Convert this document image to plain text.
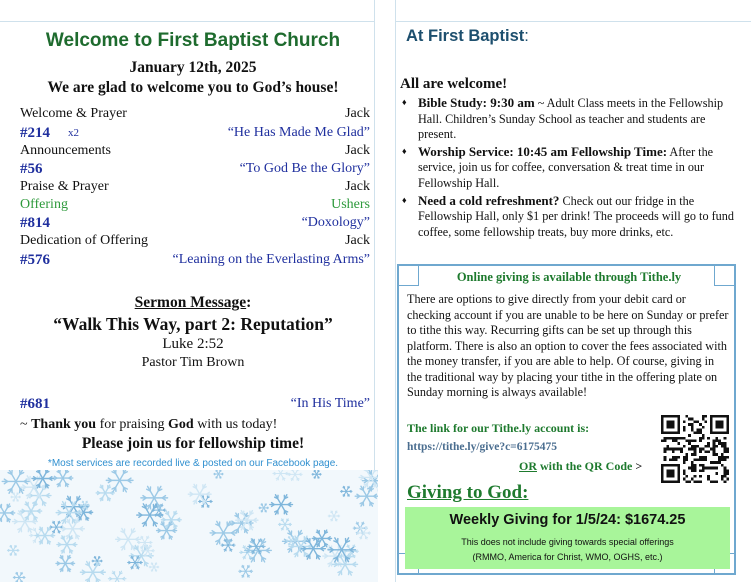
Welcome to First Baptist Church
January 12th, 2025
We are glad to welcome you to God’s house!
Welcome & Prayer	Jack
#214 x2	“He Has Made Me Glad”
Announcements	Jack
#56	“To God Be the Glory”
Praise & Prayer	Jack
Offering	Ushers
#814	“Doxology”
Dedication of Offering	Jack
#576	“Leaning on the Everlasting Arms”
Sermon Message:
“Walk This Way, part 2: Reputation”
Luke 2:52
Pastor Tim Brown
#681	“In His Time”
~ Thank you for praising God with us today!
Please join us for fellowship time!
*Most services are recorded live & posted on our Facebook page.
At First Baptist:
All are welcome!
♦ Bible Study: 9:30 am ~ Adult Class meets in the Fellowship Hall. Children’s Sunday School as teacher and students are present.
♦ Worship Service: 10:45 am Fellowship Time: After the service, join us for coffee, conversation & treat time in our Fellowship Hall.
♦ Need a cold refreshment? Check out our fridge in the Fellowship Hall, only $1 per drink! The proceeds will go to fund coffee, some fellowship treats, buy more drinks, etc.
Online giving is available through Tithe.ly
There are options to give directly from your debit card or checking account if you are unable to be here on Sunday or prefer to tithe this way. Recurring gifts can be set up through this platform. There is also an option to cover the fees associated with the money transfer, if you are able to help. Of course, giving in the traditional way by placing your tithe in the offering plate on Sunday morning is always available!
The link for our Tithe.ly account is:
https://tithe.ly/give?c=6175475
OR with the QR Code >
Giving to God:
Weekly Giving for 1/5/24: $1674.25
This does not include giving towards special offerings
(RMMO, America for Christ, WMO, OGHS, etc.)
